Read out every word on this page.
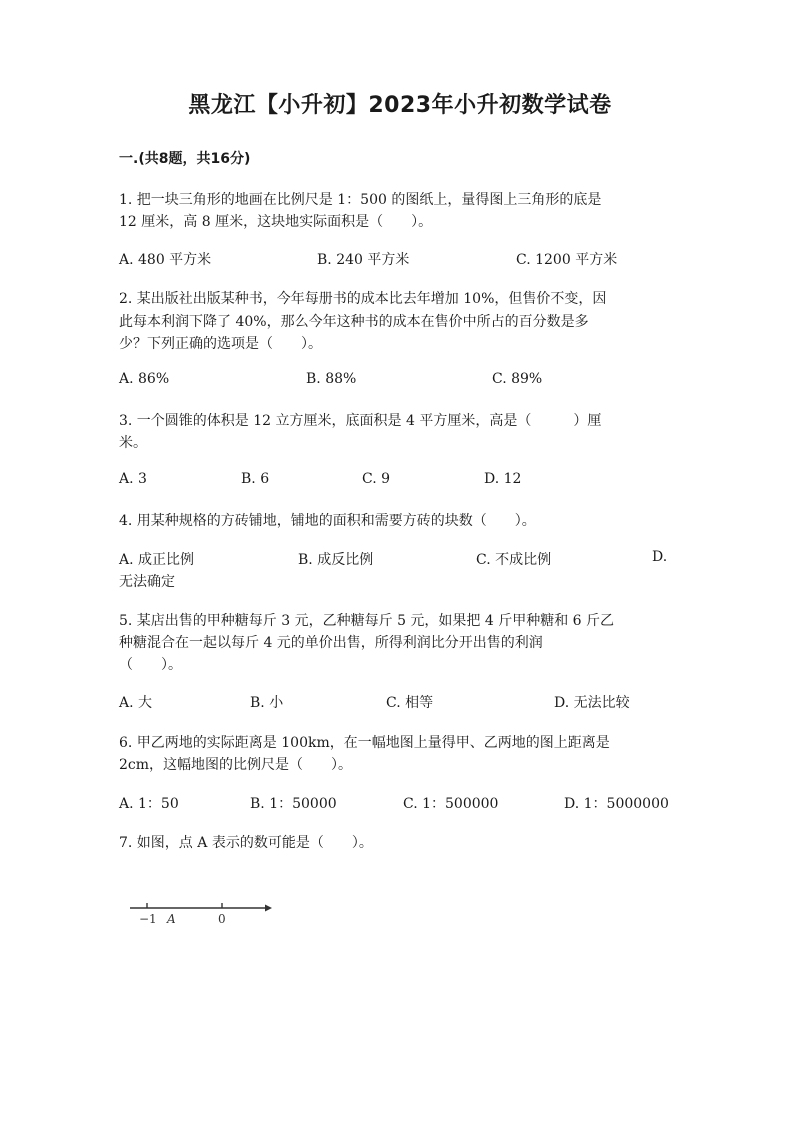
黑龙江【小升初】2023年小升初数学试卷
一.(共8题，共16分)
1. 把一块三角形的地画在比例尺是 1：500 的图纸上，量得图上三角形的底是
12 厘米，高 8 厘米，这块地实际面积是（　　）。
A. 480 平方米	B. 240 平方米	C. 1200 平方米
2. 某出版社出版某种书，今年每册书的成本比去年增加 10%，但售价不变，因
此每本利润下降了 40%，那么今年这种书的成本在售价中所占的百分数是多
少？下列正确的选项是（　　）。
A. 86%	B. 88%	C. 89%
3. 一个圆锥的体积是 12 立方厘米，底面积是 4 平方厘米，高是（　　　）厘
米。
A. 3	B. 6	C. 9	D. 12
4. 用某种规格的方砖铺地，铺地的面积和需要方砖的块数（　　）。
A. 成正比例	B. 成反比例	C. 不成比例	D.
无法确定
5. 某店出售的甲种糖每斤 3 元，乙种糖每斤 5 元，如果把 4 斤甲种糖和 6 斤乙
种糖混合在一起以每斤 4 元的单价出售，所得利润比分开出售的利润
（　　）。
A. 大	B. 小	C. 相等	D. 无法比较
6. 甲乙两地的实际距离是 100km，在一幅地图上量得甲、乙两地的图上距离是
2cm，这幅地图的比例尺是（　　）。
A. 1：50	B. 1：50000	C. 1：500000	D. 1：5000000
7. 如图，点 A 表示的数可能是（　　）。
−1 A	0
